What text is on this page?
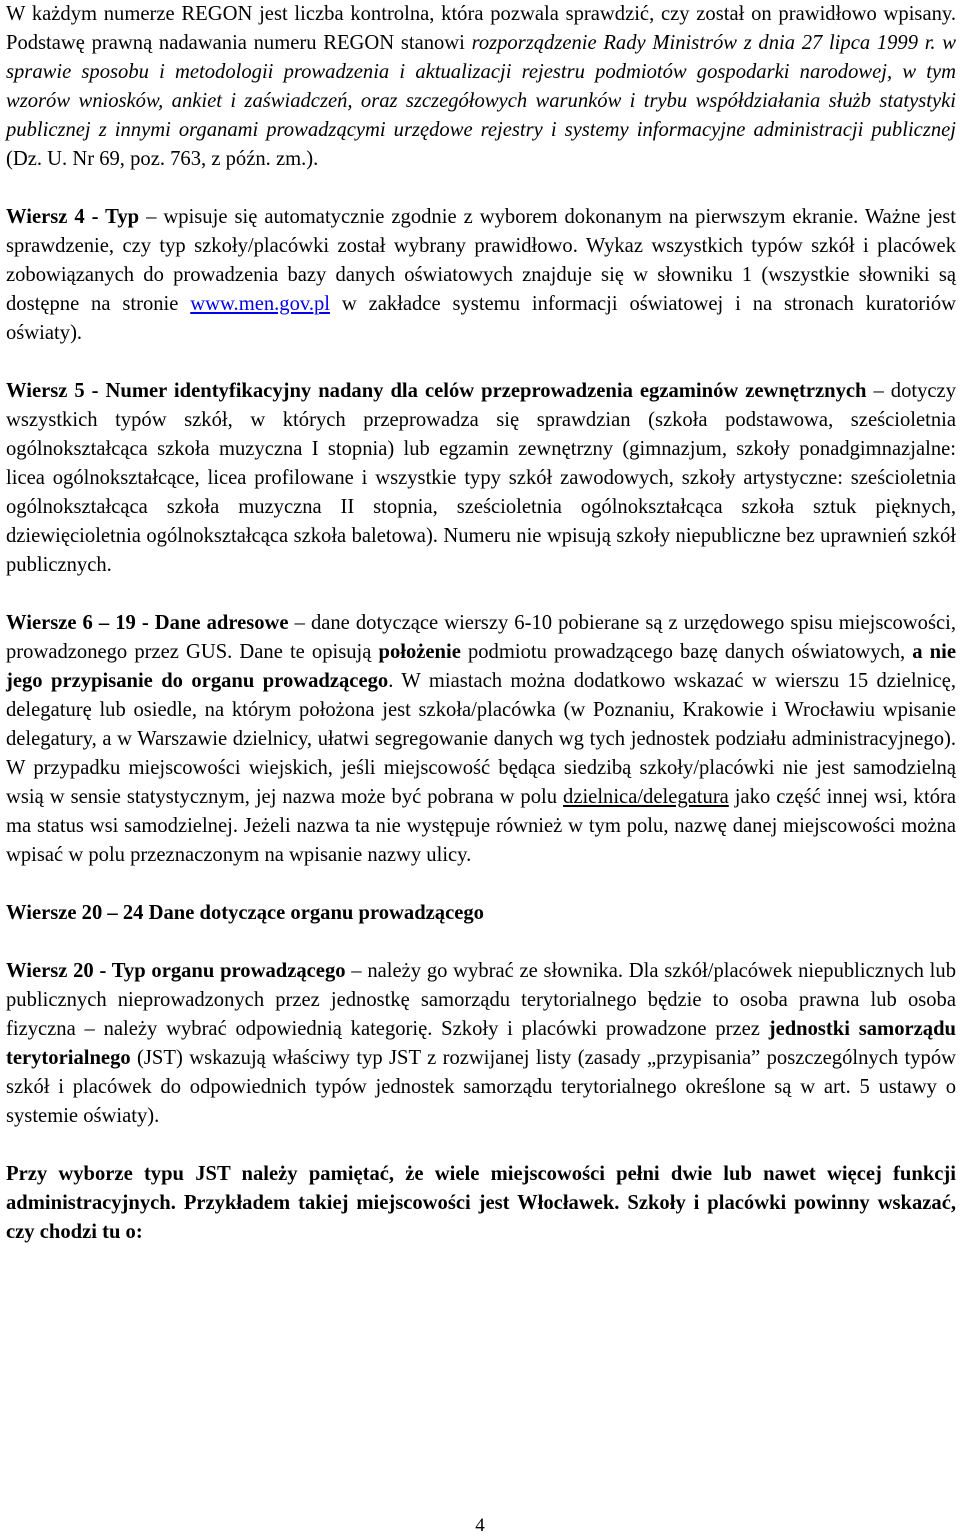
W każdym numerze REGON jest liczba kontrolna, która pozwala sprawdzić, czy został on prawidłowo wpisany. Podstawę prawną nadawania numeru REGON stanowi rozporządzenie Rady Ministrów z dnia 27 lipca 1999 r. w sprawie sposobu i metodologii prowadzenia i aktualizacji rejestru podmiotów gospodarki narodowej, w tym wzorów wniosków, ankiet i zaświadczeń, oraz szczegółowych warunków i trybu współdziałania służb statystyki publicznej z innymi organami prowadzącymi urzędowe rejestry i systemy informacyjne administracji publicznej (Dz. U. Nr 69, poz. 763, z późn. zm.).

Wiersz 4 - Typ – wpisuje się automatycznie zgodnie z wyborem dokonanym na pierwszym ekranie. Ważne jest sprawdzenie, czy typ szkoły/placówki został wybrany prawidłowo. Wykaz wszystkich typów szkół i placówek zobowiązanych do prowadzenia bazy danych oświatowych znajduje się w słowniku 1 (wszystkie słowniki są dostępne na stronie www.men.gov.pl w zakładce systemu informacji oświatowej i na stronach kuratoriów oświaty).

Wiersz 5 - Numer identyfikacyjny nadany dla celów przeprowadzenia egzaminów zewnętrznych – dotyczy wszystkich typów szkół, w których przeprowadza się sprawdzian (szkoła podstawowa, sześcioletnia ogólnokształcąca szkoła muzyczna I stopnia) lub egzamin zewnętrzny (gimnazjum, szkoły ponadgimnazjalne: licea ogólnokształcące, licea profilowane i wszystkie typy szkół zawodowych, szkoły artystyczne: sześcioletnia ogólnokształcąca szkoła muzyczna II stopnia, sześcioletnia ogólnokształcąca szkoła sztuk pięknych, dziewięcioletnia ogólnokształcąca szkoła baletowa). Numeru nie wpisują szkoły niepubliczne bez uprawnień szkół publicznych.

Wiersze 6 – 19 - Dane adresowe – dane dotyczące wierszy 6-10 pobierane są z urzędowego spisu miejscowości, prowadzonego przez GUS. Dane te opisują położenie podmiotu prowadzącego bazę danych oświatowych, a nie jego przypisanie do organu prowadzącego. W miastach można dodatkowo wskazać w wierszu 15 dzielnicę, delegaturę lub osiedle, na którym położona jest szkoła/placówka (w Poznaniu, Krakowie i Wrocławiu wpisanie delegatury, a w Warszawie dzielnicy, ułatwi segregowanie danych wg tych jednostek podziału administracyjnego). W przypadku miejscowości wiejskich, jeśli miejscowość będąca siedzibą szkoły/placówki nie jest samodzielną wsią w sensie statystycznym, jej nazwa może być pobrana w polu dzielnica/delegatura jako część innej wsi, która ma status wsi samodzielnej. Jeżeli nazwa ta nie występuje również w tym polu, nazwę danej miejscowości można wpisać w polu przeznaczonym na wpisanie nazwy ulicy.

Wiersze 20 – 24 Dane dotyczące organu prowadzącego

Wiersz 20 - Typ organu prowadzącego – należy go wybrać ze słownika. Dla szkół/placówek niepublicznych lub publicznych nieprowadzonych przez jednostkę samorządu terytorialnego będzie to osoba prawna lub osoba fizyczna – należy wybrać odpowiednią kategorię. Szkoły i placówki prowadzone przez jednostki samorządu terytorialnego (JST) wskazują właściwy typ JST z rozwijanej listy (zasady „przypisania” poszczególnych typów szkół i placówek do odpowiednich typów jednostek samorządu terytorialnego określone są w art. 5 ustawy o systemie oświaty).

Przy wyborze typu JST należy pamiętać, że wiele miejscowości pełni dwie lub nawet więcej funkcji administracyjnych. Przykładem takiej miejscowości jest Włocławek. Szkoły i placówki powinny wskazać, czy chodzi tu o:

4
